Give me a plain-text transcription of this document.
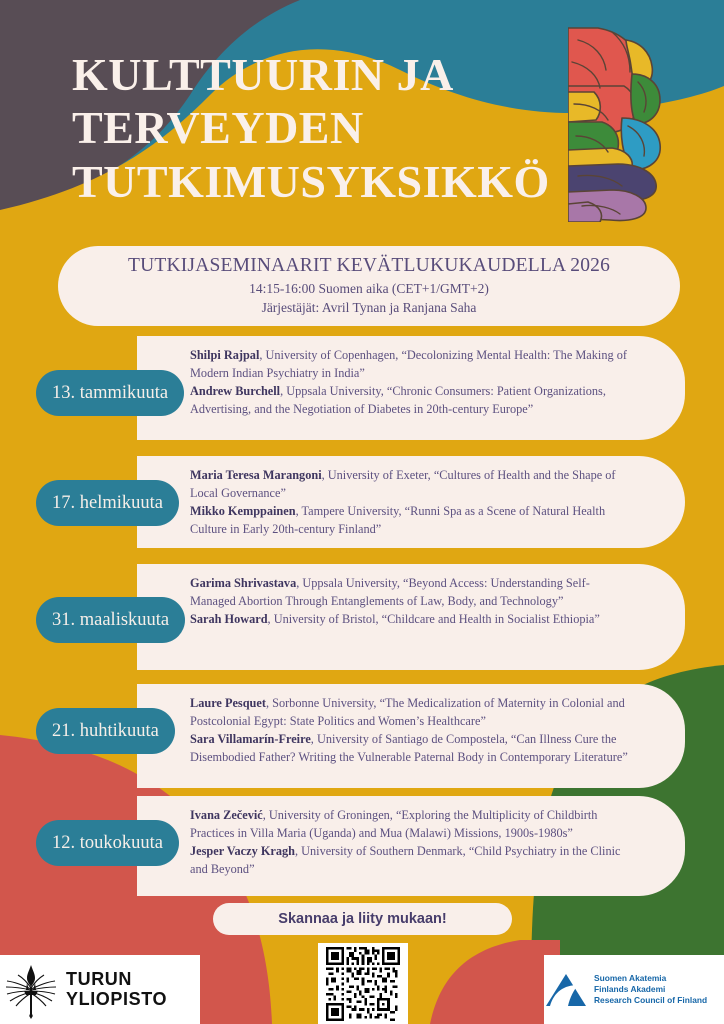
KULTTUURIN JA
TERVEYDEN
TUTKIMUSYKSIKKÖ
TUTKIJASEMINAARIT KEVÄTLUKUKAUDELLA 2026
14:15-16:00 Suomen aika (CET+1/GMT+2)
Järjestäjät: Avril Tynan ja Ranjana Saha
Shilpi Rajpal, University of Copenhagen, “Decolonizing Mental Health: The Making of Modern Indian Psychiatry in India”
Andrew Burchell, Uppsala University, “Chronic Consumers: Patient Organizations, Advertising, and the Negotiation of Diabetes in 20th-century Europe”
13. tammikuuta
Maria Teresa Marangoni, University of Exeter, “Cultures of Health and the Shape of Local Governance”
Mikko Kemppainen, Tampere University, “Runni Spa as a Scene of Natural Health Culture in Early 20th-century Finland”
17. helmikuuta
Garima Shrivastava, Uppsala University, “Beyond Access: Understanding Self-Managed Abortion Through Entanglements of Law, Body, and Technology”
Sarah Howard, University of Bristol, “Childcare and Health in Socialist Ethiopia”
31. maaliskuuta
Laure Pesquet, Sorbonne University, “The Medicalization of Maternity in Colonial and Postcolonial Egypt: State Politics and Women’s Healthcare”
Sara Villamarín-Freire, University of Santiago de Compostela, “Can Illness Cure the Disembodied Father? Writing the Vulnerable Paternal Body in Contemporary Literature”
21. huhtikuuta
Ivana Zečević, University of Groningen, “Exploring the Multiplicity of Childbirth Practices in Villa Maria (Uganda) and Mua (Malawi) Missions, 1900s-1980s”
Jesper Vaczy Kragh, University of Southern Denmark, “Child Psychiatry in the Clinic and Beyond”
12. toukokuuta
Skannaa ja liity mukaan!
TURUN
YLIOPISTO
Suomen Akatemia
Finlands Akademi
Research Council of Finland
